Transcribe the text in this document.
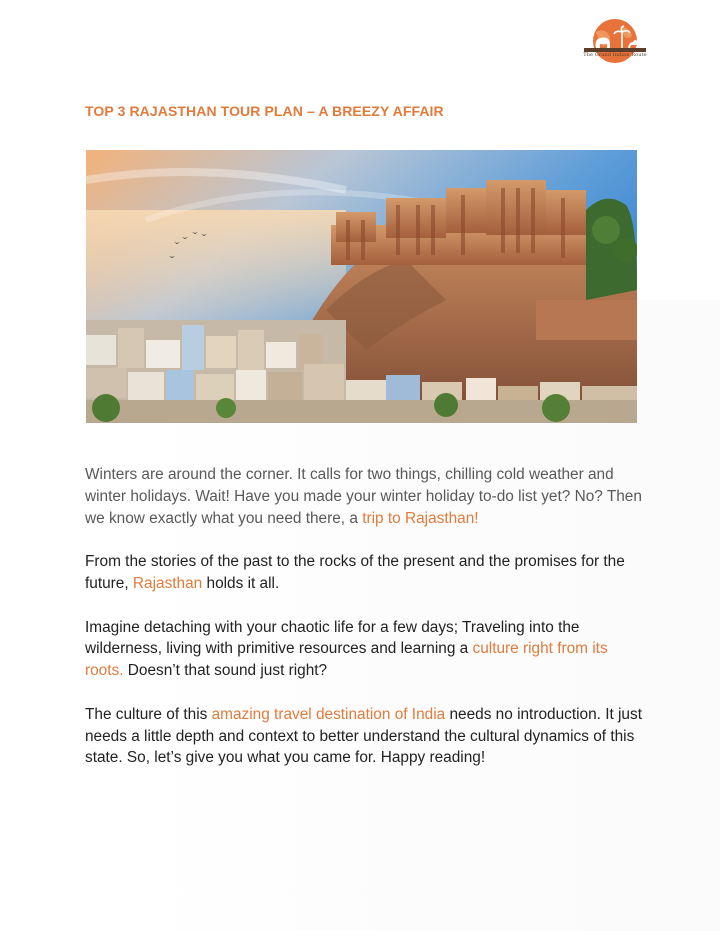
The Grand Indian Route
TOP 3 RAJASTHAN TOUR PLAN – A BREEZY AFFAIR

Winters are around the corner. It calls for two things, chilling cold weather and winter holidays. Wait! Have you made your winter holiday to-do list yet? No? Then we know exactly what you need there, a trip to Rajasthan!

From the stories of the past to the rocks of the present and the promises for the future, Rajasthan holds it all.

Imagine detaching with your chaotic life for a few days; Traveling into the wilderness, living with primitive resources and learning a culture right from its roots. Doesn’t that sound just right?

The culture of this amazing travel destination of India needs no introduction. It just needs a little depth and context to better understand the cultural dynamics of this state. So, let’s give you what you came for. Happy reading!
